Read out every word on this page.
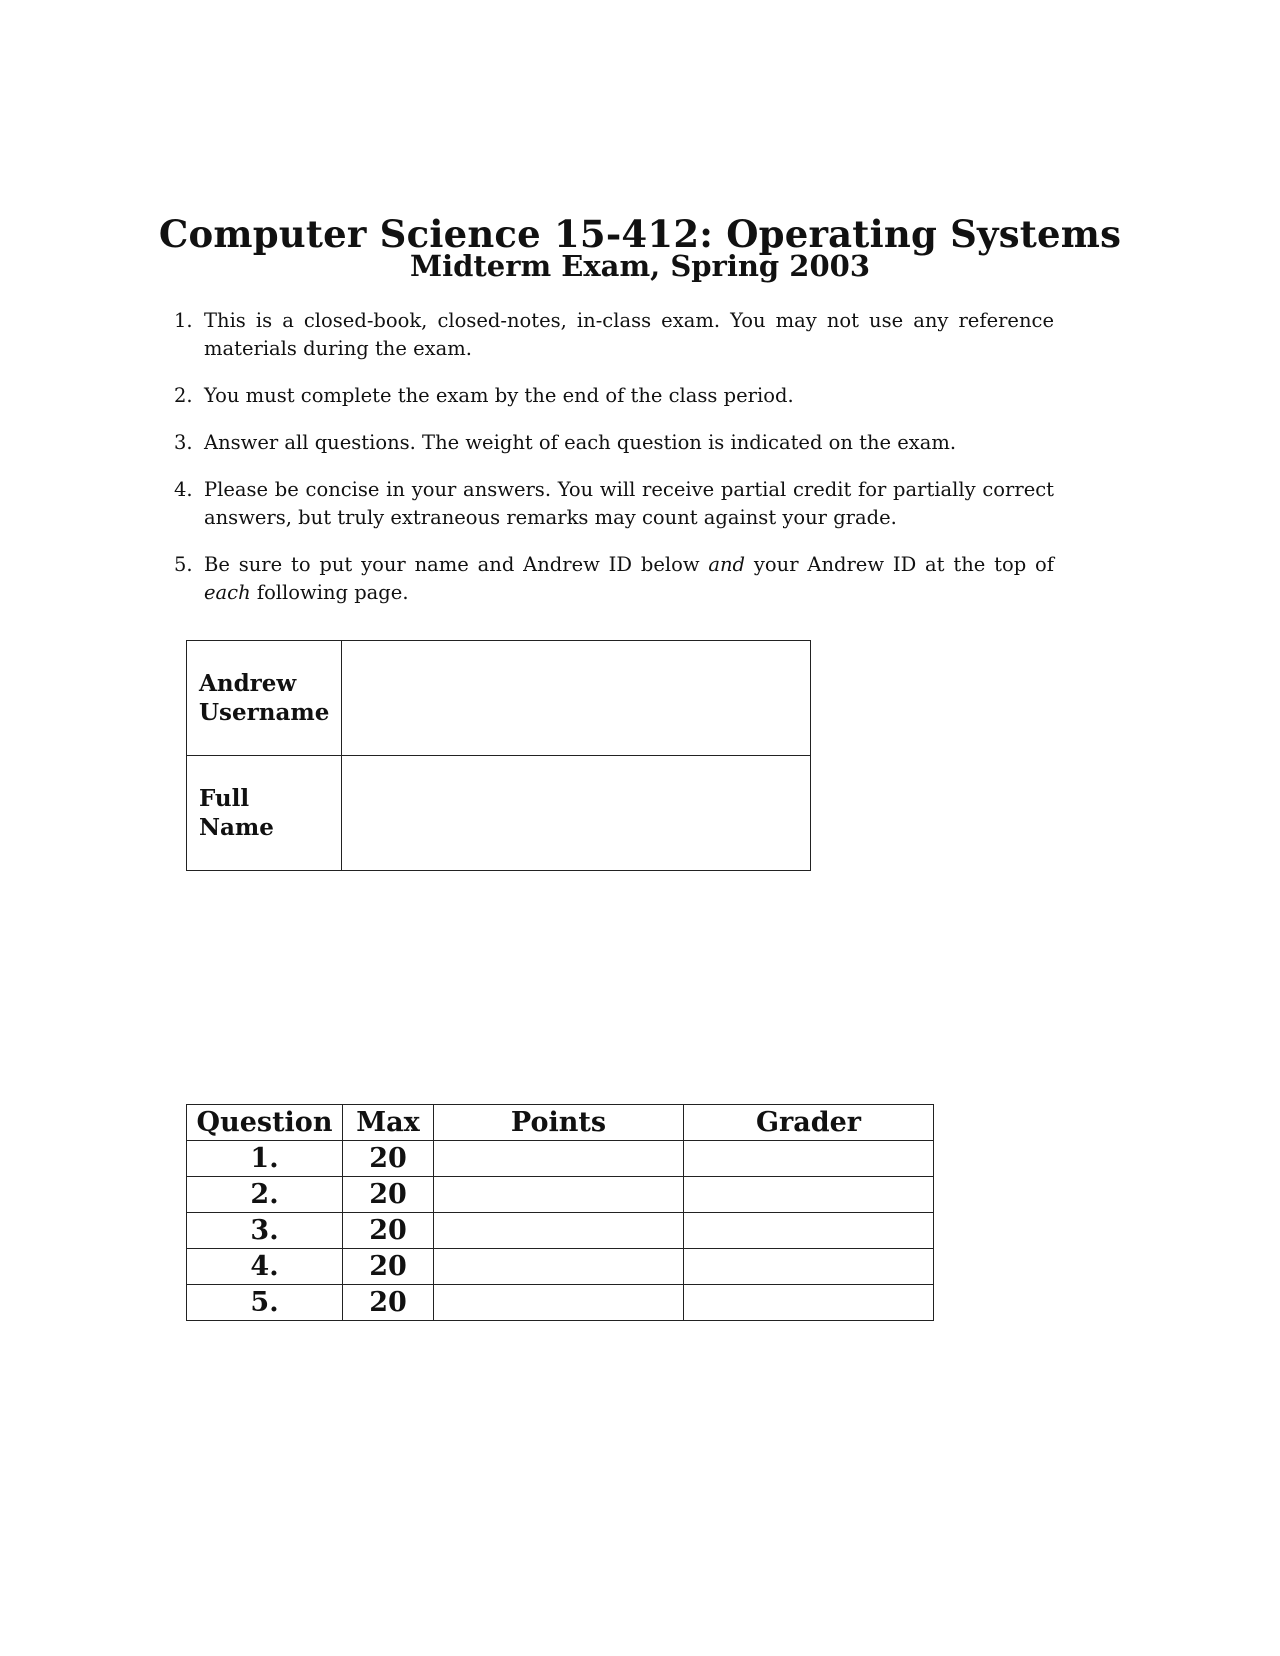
Computer Science 15-412: Operating Systems
Midterm Exam, Spring 2003
1. This is a closed-book, closed-notes, in-class exam. You may not use any reference materials during the exam.
2. You must complete the exam by the end of the class period.
3. Answer all questions. The weight of each question is indicated on the exam.
4. Please be concise in your answers. You will receive partial credit for partially correct answers, but truly extraneous remarks may count against your grade.
5. Be sure to put your name and Andrew ID below and your Andrew ID at the top of each following page.
Andrew
Username	
Full
Name	
Question	Max	Points	Grader
1.	20		
2.	20		
3.	20		
4.	20		
5.	20		
